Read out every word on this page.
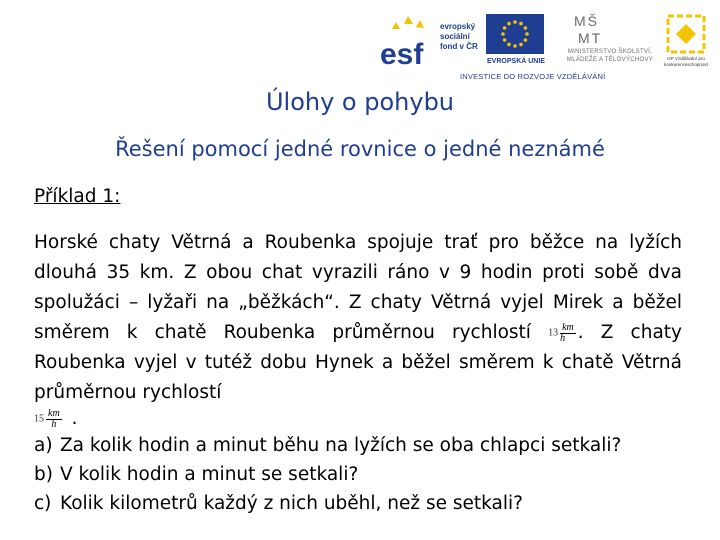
esf
evropský sociální fond v ČR
EVROPSKÁ UNIE
MŠ
MT
MINISTERSTVO ŠKOLSTVÍ, MLÁDEŽE A TĚLOVÝCHOVY	OP Vzdělávání pro konkurenceschopnost
INVESTICE DO ROZVOJE VZDĚLÁVÁNÍ
Úlohy o pohybu
Řešení pomocí jedné rovnice o jedné neznámé
Příklad 1:
Horské chaty Větrná a Roubenka spojuje trať pro běžce na lyžích
dlouhá 35 km. Z obou chat vyrazili ráno v 9 hodin proti sobě dva
spolužáci – lyžaři na „běžkách“. Z chaty Větrná vyjel Mirek a běžel
směrem k chatě Roubenka průměrnou rychlostí $13 \frac{km}{h}$ . Z chaty
Roubenka vyjel v tutéž dobu Hynek a běžel směrem k chatě Větrná
průměrnou rychlostí
$15 \frac{km}{h}$ .
a) Za kolik hodin a minut běhu na lyžích se oba chlapci setkali?
b) V kolik hodin a minut se setkali?
c) Kolik kilometrů každý z nich uběhl, než se setkali?
